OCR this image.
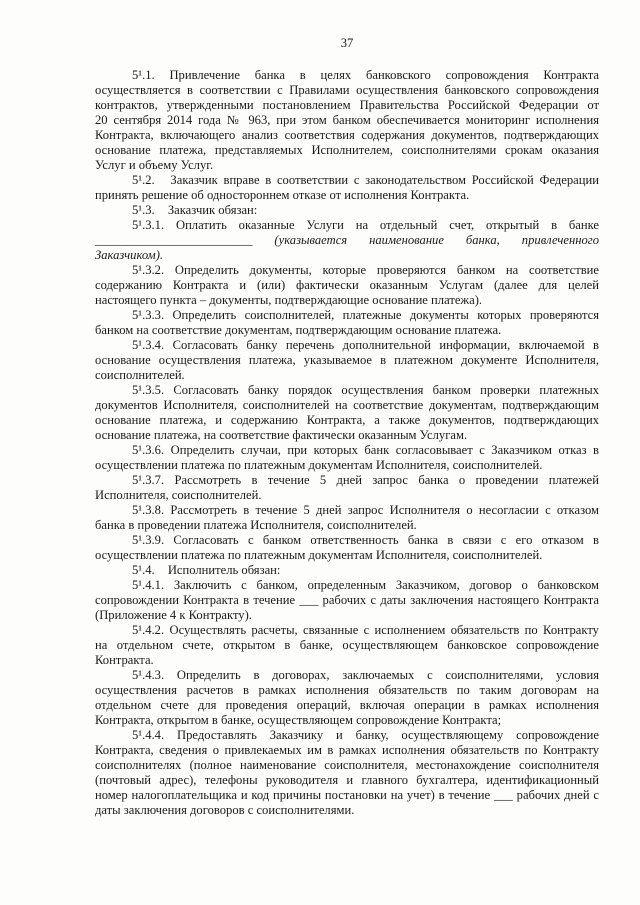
37
5¹.1. Привлечение банка в целях банковского сопровождения Контракта
осуществляется в соответствии с Правилами осуществления банковского сопровождения
контрактов, утвержденными постановлением Правительства Российской Федерации от
20 сентября 2014 года № 963, при этом банком обеспечивается мониторинг исполнения
Контракта, включающего анализ соответствия содержания документов, подтверждающих
основание платежа, представляемых Исполнителем, соисполнителями срокам оказания
Услуг и объему Услуг.
5¹.2. Заказчик вправе в соответствии с законодательством Российской Федерации
принять решение об одностороннем отказе от исполнения Контракта.
5¹.3. Заказчик обязан:
5¹.3.1. Оплатить оказанные Услуги на отдельный счет, открытый в банке
_________________________ (указывается наименование банка, привлеченного
Заказчиком).
5¹.3.2. Определить документы, которые проверяются банком на соответствие
содержанию Контракта и (или) фактически оказанным Услугам (далее для целей
настоящего пункта – документы, подтверждающие основание платежа).
5¹.3.3. Определить соисполнителей, платежные документы которых проверяются
банком на соответствие документам, подтверждающим основание платежа.
5¹.3.4. Согласовать банку перечень дополнительной информации, включаемой в
основание осуществления платежа, указываемое в платежном документе Исполнителя,
соисполнителей.
5¹.3.5. Согласовать банку порядок осуществления банком проверки платежных
документов Исполнителя, соисполнителей на соответствие документам, подтверждающим
основание платежа, и содержанию Контракта, а также документов, подтверждающих
основание платежа, на соответствие фактически оказанным Услугам.
5¹.3.6. Определить случаи, при которых банк согласовывает с Заказчиком отказ в
осуществлении платежа по платежным документам Исполнителя, соисполнителей.
5¹.3.7. Рассмотреть в течение 5 дней запрос банка о проведении платежей
Исполнителя, соисполнителей.
5¹.3.8. Рассмотреть в течение 5 дней запрос Исполнителя о несогласии с отказом
банка в проведении платежа Исполнителя, соисполнителей.
5¹.3.9. Согласовать с банком ответственность банка в связи с его отказом в
осуществлении платежа по платежным документам Исполнителя, соисполнителей.
5¹.4. Исполнитель обязан:
5¹.4.1. Заключить с банком, определенным Заказчиком, договор о банковском
сопровождении Контракта в течение ___ рабочих с даты заключения настоящего Контракта
(Приложение 4 к Контракту).
5¹.4.2. Осуществлять расчеты, связанные с исполнением обязательств по Контракту
на отдельном счете, открытом в банке, осуществляющем банковское сопровождение
Контракта.
5¹.4.3. Определить в договорах, заключаемых с соисполнителями, условия
осуществления расчетов в рамках исполнения обязательств по таким договорам на
отдельном счете для проведения операций, включая операции в рамках исполнения
Контракта, открытом в банке, осуществляющем сопровождение Контракта;
5¹.4.4. Предоставлять Заказчику и банку, осуществляющему сопровождение
Контракта, сведения о привлекаемых им в рамках исполнения обязательств по Контракту
соисполнителях (полное наименование соисполнителя, местонахождение соисполнителя
(почтовый адрес), телефоны руководителя и главного бухгалтера, идентификационный
номер налогоплательщика и код причины постановки на учет) в течение ___ рабочих дней с
даты заключения договоров с соисполнителями.
